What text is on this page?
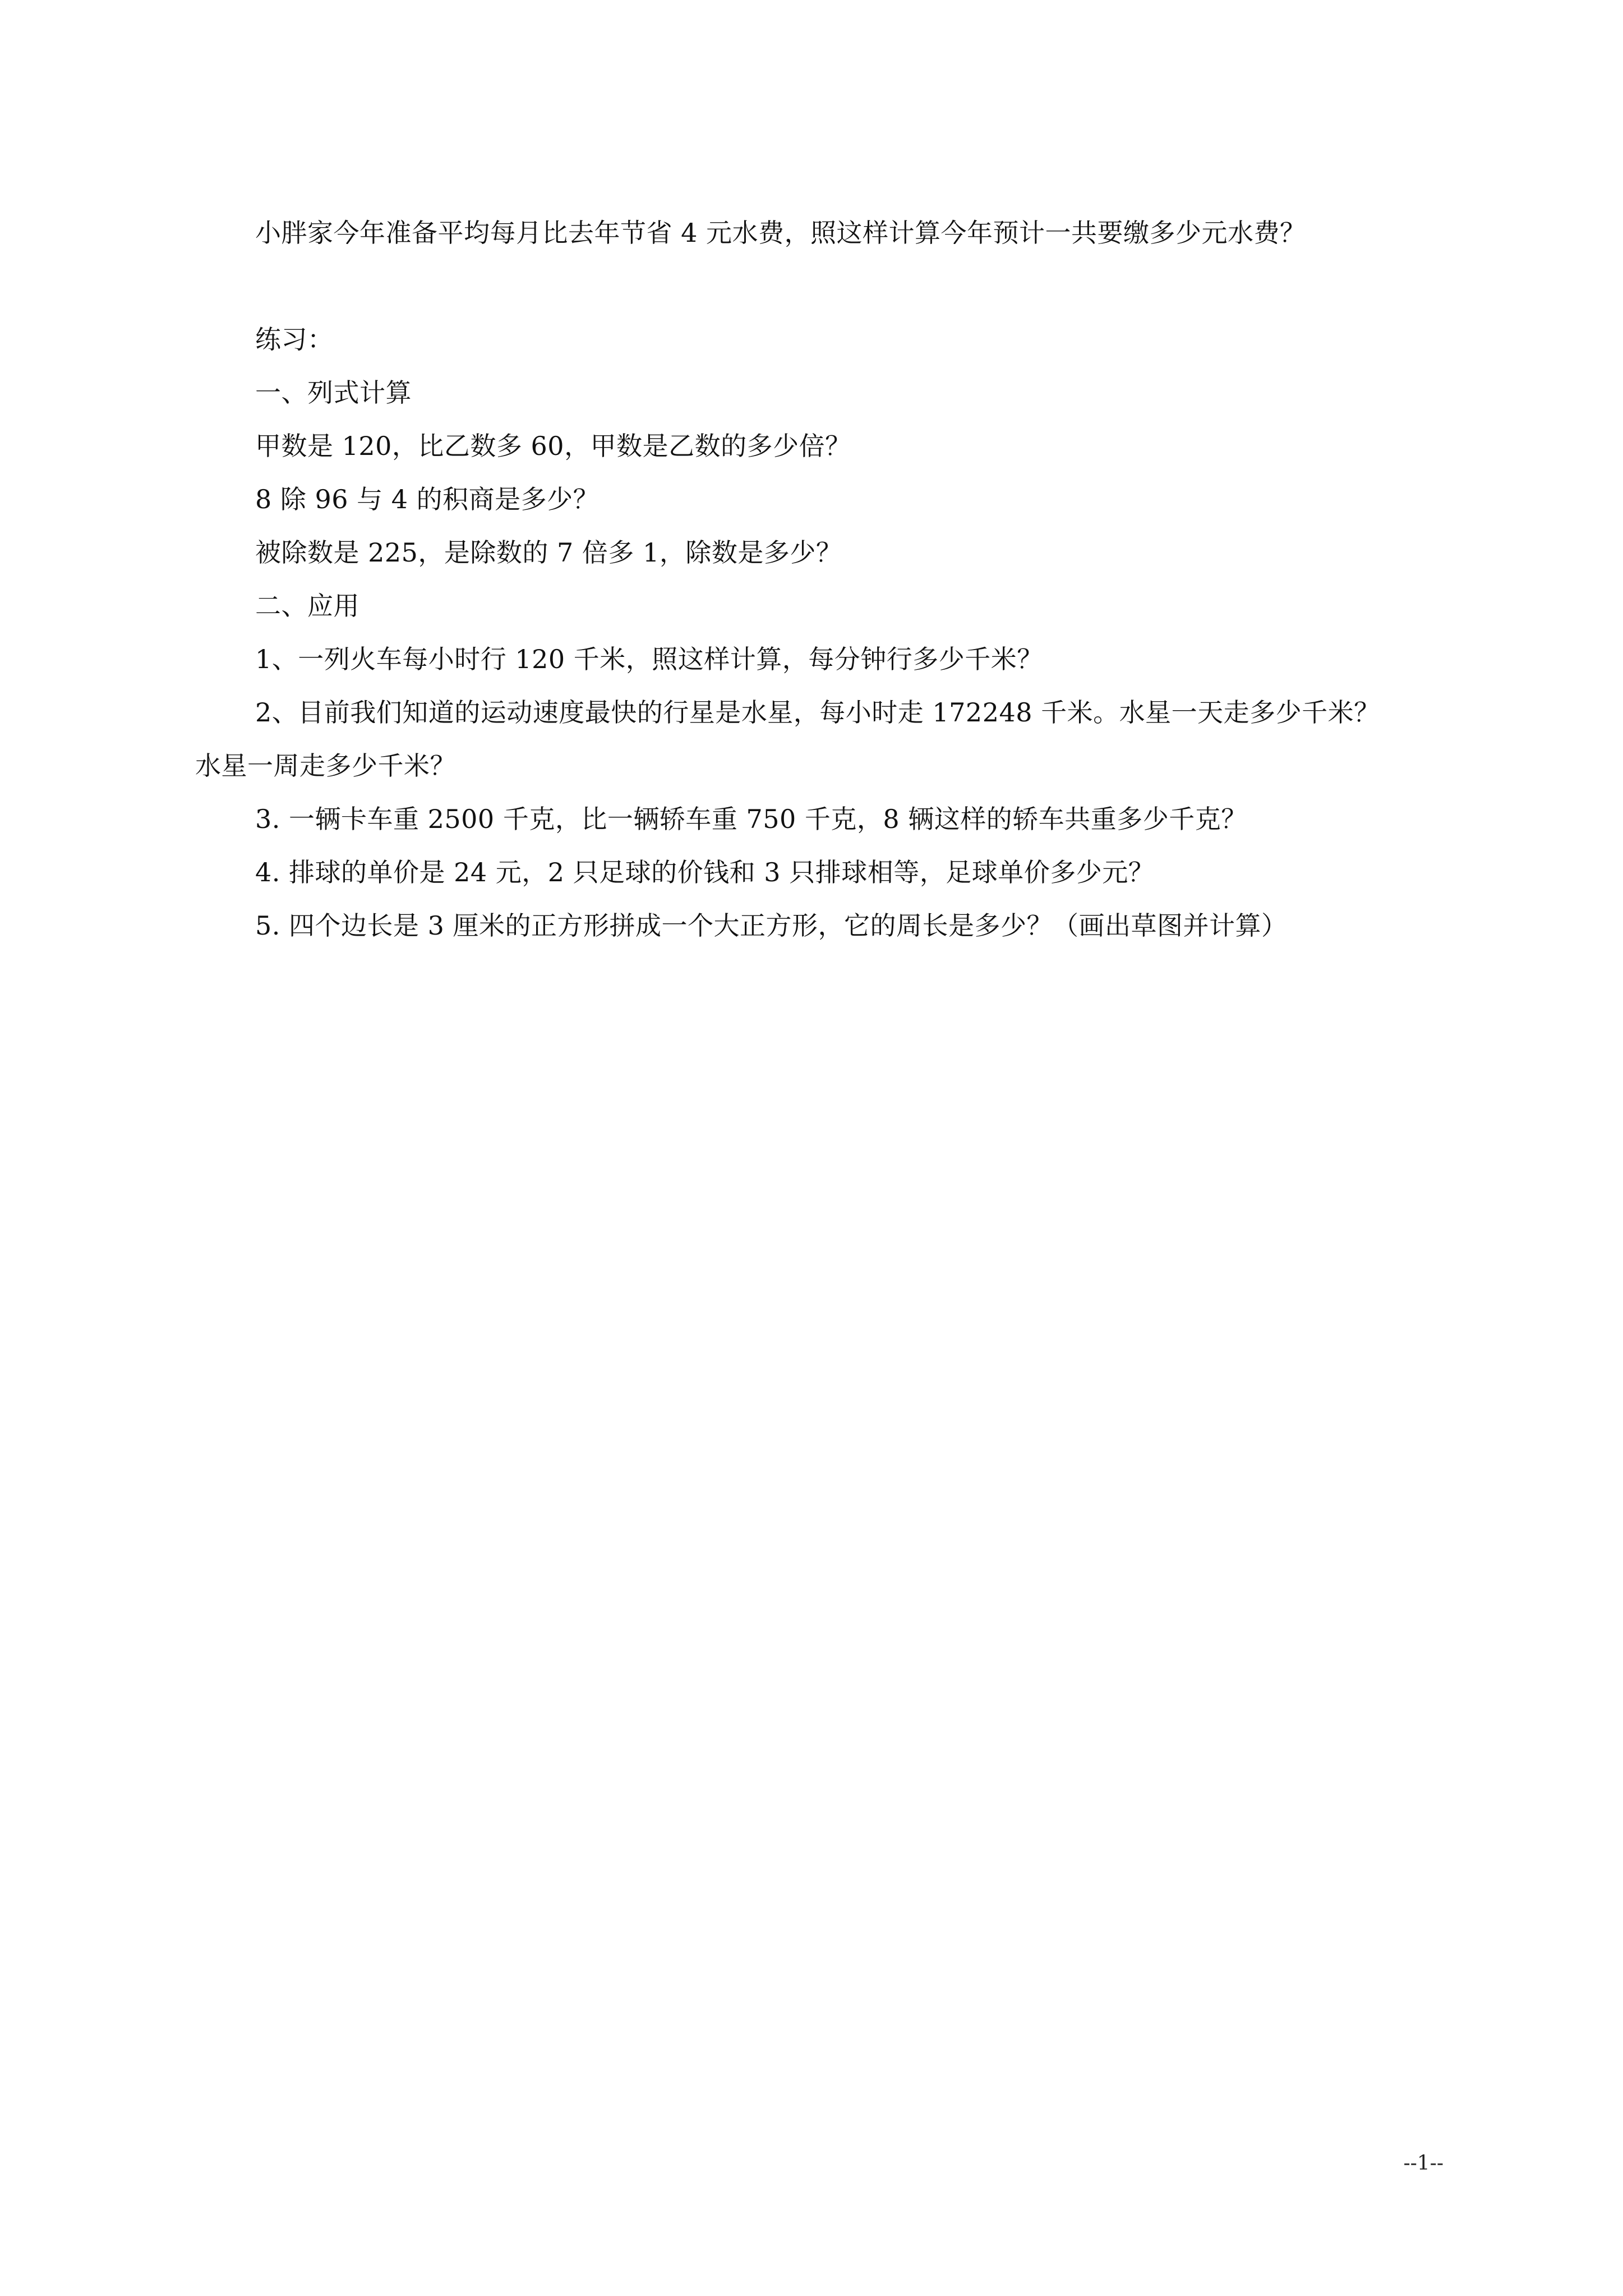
小胖家今年准备平均每月比去年节省 4 元水费，照这样计算今年预计一共要缴多少元水费？
练习：
一、列式计算
甲数是 120，比乙数多 60，甲数是乙数的多少倍？
8 除 96 与 4 的积商是多少？
被除数是 225，是除数的 7 倍多 1，除数是多少？
二、应用
1、一列火车每小时行 120 千米，照这样计算，每分钟行多少千米？
2、目前我们知道的运动速度最快的行星是水星，每小时走 172248 千米。水星一天走多少千米？
水星一周走多少千米？
3. 一辆卡车重 2500 千克，比一辆轿车重 750 千克，8 辆这样的轿车共重多少千克？
4. 排球的单价是 24 元，2 只足球的价钱和 3 只排球相等，足球单价多少元？
5. 四个边长是 3 厘米的正方形拼成一个大正方形，它的周长是多少？（画出草图并计算）
--1--
